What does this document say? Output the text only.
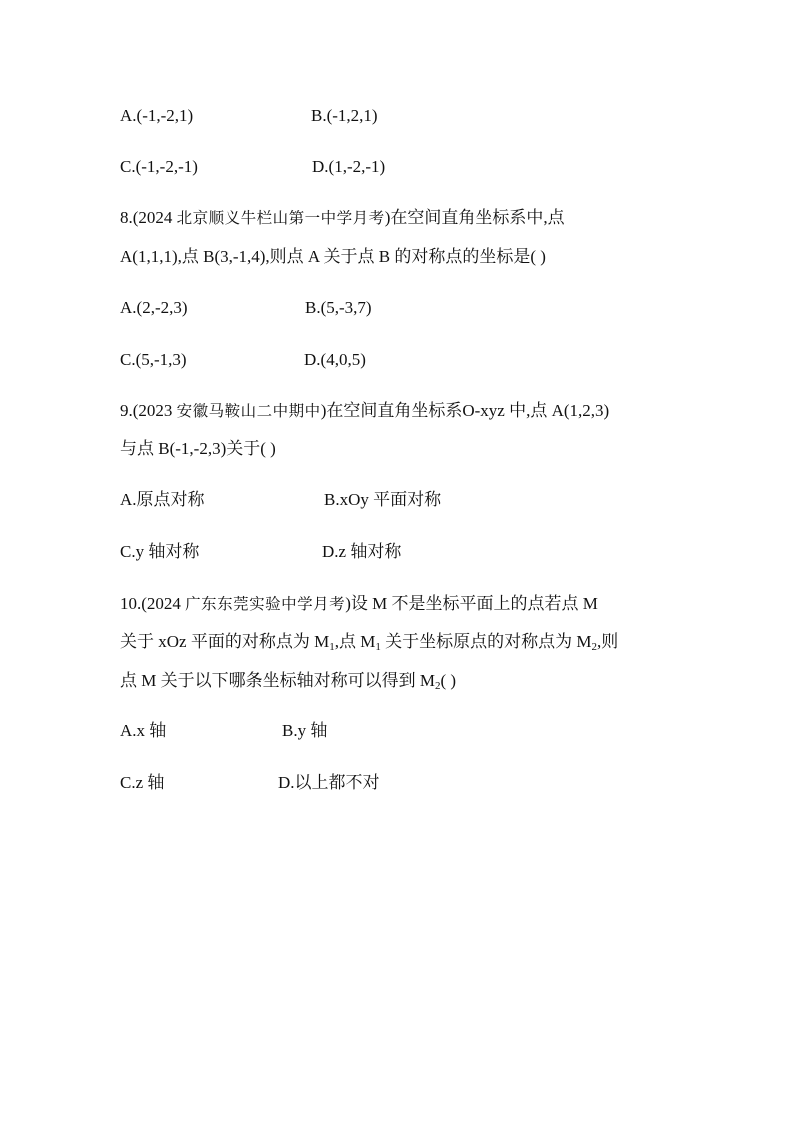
A.(-1,-2,1)	B.(-1,2,1)
C.(-1,-2,-1)	D.(1,-2,-1)
8.(2024 北京顺义牛栏山第一中学月考)在空间直角坐标系中,点
A(1,1,1),点 B(3,-1,4),则点 A 关于点 B 的对称点的坐标是( )
A.(2,-2,3)	B.(5,-3,7)
C.(5,-1,3)	D.(4,0,5)
9.(2023 安徽马鞍山二中期中)在空间直角坐标系O-xyz 中,点 A(1,2,3)
与点 B(-1,-2,3)关于( )
A.原点对称	B.xOy 平面对称
C.y 轴对称	D.z 轴对称
10.(2024 广东东莞实验中学月考)设 M 不是坐标平面上的点若点 M
关于 xOz 平面的对称点为 $M_1$,点 $M_1$ 关于坐标原点的对称点为 $M_2$,则
点 M 关于以下哪条坐标轴对称可以得到 $M_2$( )
A.x 轴	B.y 轴
C.z 轴	D.以上都不对
